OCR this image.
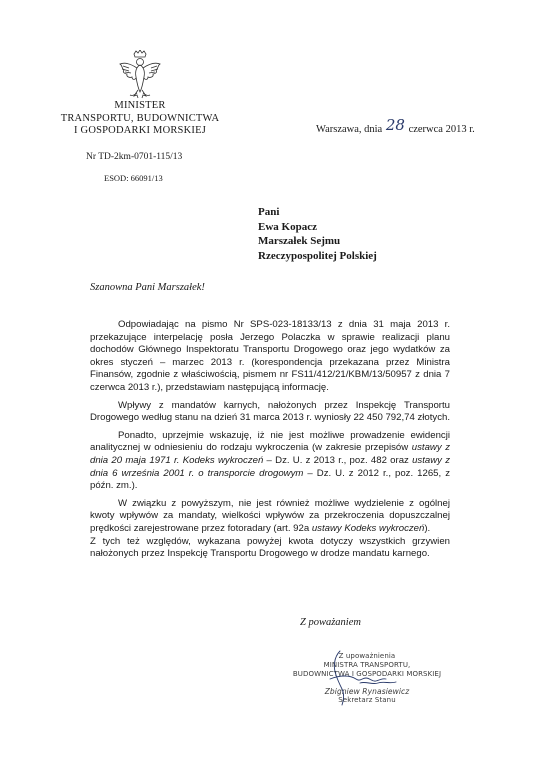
MINISTER
TRANSPORTU, BUDOWNICTWA
I GOSPODARKI MORSKIEJ
Nr TD-2km-0701-115/13
ESOD: 66091/13
Warszawa, dnia 28 czerwca 2013 r.
Pani
Ewa Kopacz
Marszałek Sejmu
Rzeczypospolitej Polskiej
Szanowna Pani Marszałek!

Odpowiadając na pismo Nr SPS-023-18133/13 z dnia 31 maja 2013 r. przekazujące interpelację posła Jerzego Polaczka w sprawie realizacji planu dochodów Głównego Inspektoratu Transportu Drogowego oraz jego wydatków za okres styczeń – marzec 2013 r. (korespondencja przekazana przez Ministra Finansów, zgodnie z właściwością, pismem nr FS11/412/21/KBM/13/50957 z dnia 7 czerwca 2013 r.), przedstawiam następującą informację.

Wpływy z mandatów karnych, nałożonych przez Inspekcję Transportu Drogowego według stanu na dzień 31 marca 2013 r. wyniosły 22 450 792,74 złotych.

Ponadto, uprzejmie wskazuję, iż nie jest możliwe prowadzenie ewidencji analitycznej w odniesieniu do rodzaju wykroczenia (w zakresie przepisów ustawy z dnia 20 maja 1971 r. Kodeks wykroczeń – Dz. U. z 2013 r., poz. 482 oraz ustawy z dnia 6 września 2001 r. o transporcie drogowym – Dz. U. z 2012 r., poz. 1265, z późn. zm.).

W związku z powyższym, nie jest również możliwe wydzielenie z ogólnej kwoty wpływów za mandaty, wielkości wpływów za przekroczenia dopuszczalnej prędkości zarejestrowane przez fotoradary (art. 92a ustawy Kodeks wykroczeń).

Z tych też względów, wykazana powyżej kwota dotyczy wszystkich grzywien nałożonych przez Inspekcję Transportu Drogowego w drodze mandatu karnego.

Z poważaniem
Z upoważnienia
MINISTRA TRANSPORTU,
BUDOWNICTWA I GOSPODARKI MORSKIEJ
Zbigniew Rynasiewicz
Sekretarz Stanu
